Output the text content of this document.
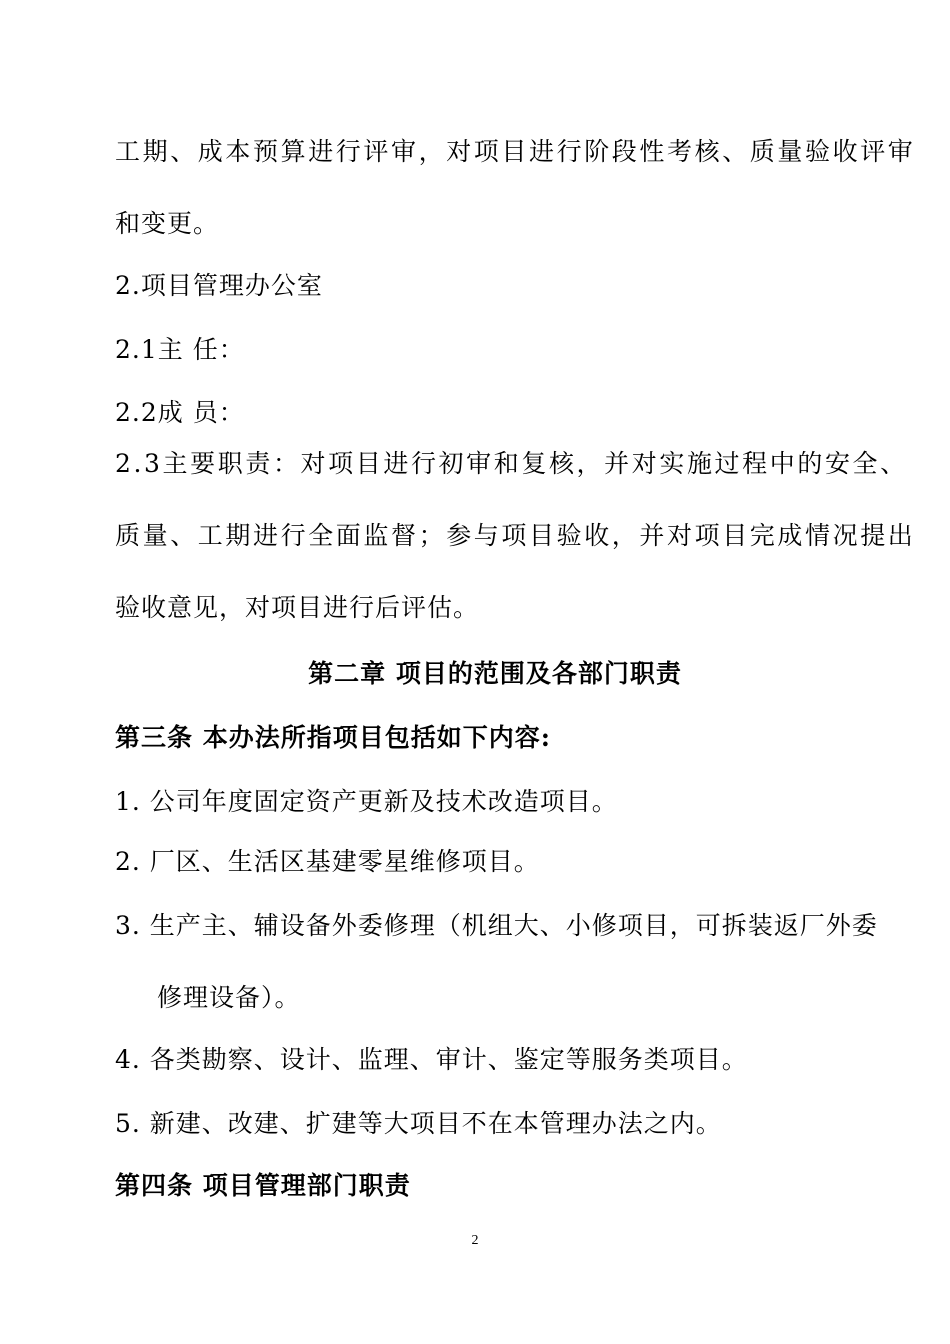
工期、成本预算进行评审，对项目进行阶段性考核、质量验收评审
和变更。
2.项目管理办公室
2.1主 任：
2.2成 员：
2.3主要职责：对项目进行初审和复核，并对实施过程中的安全、
质量、工期进行全面监督；参与项目验收，并对项目完成情况提出
验收意见，对项目进行后评估。
第二章 项目的范围及各部门职责
第三条 本办法所指项目包括如下内容:
1. 公司年度固定资产更新及技术改造项目。
2. 厂区、生活区基建零星维修项目。
3. 生产主、辅设备外委修理（机组大、小修项目，可拆装返厂外委
修理设备）。
4. 各类勘察、设计、监理、审计、鉴定等服务类项目。
5. 新建、改建、扩建等大项目不在本管理办法之内。
第四条 项目管理部门职责
2
